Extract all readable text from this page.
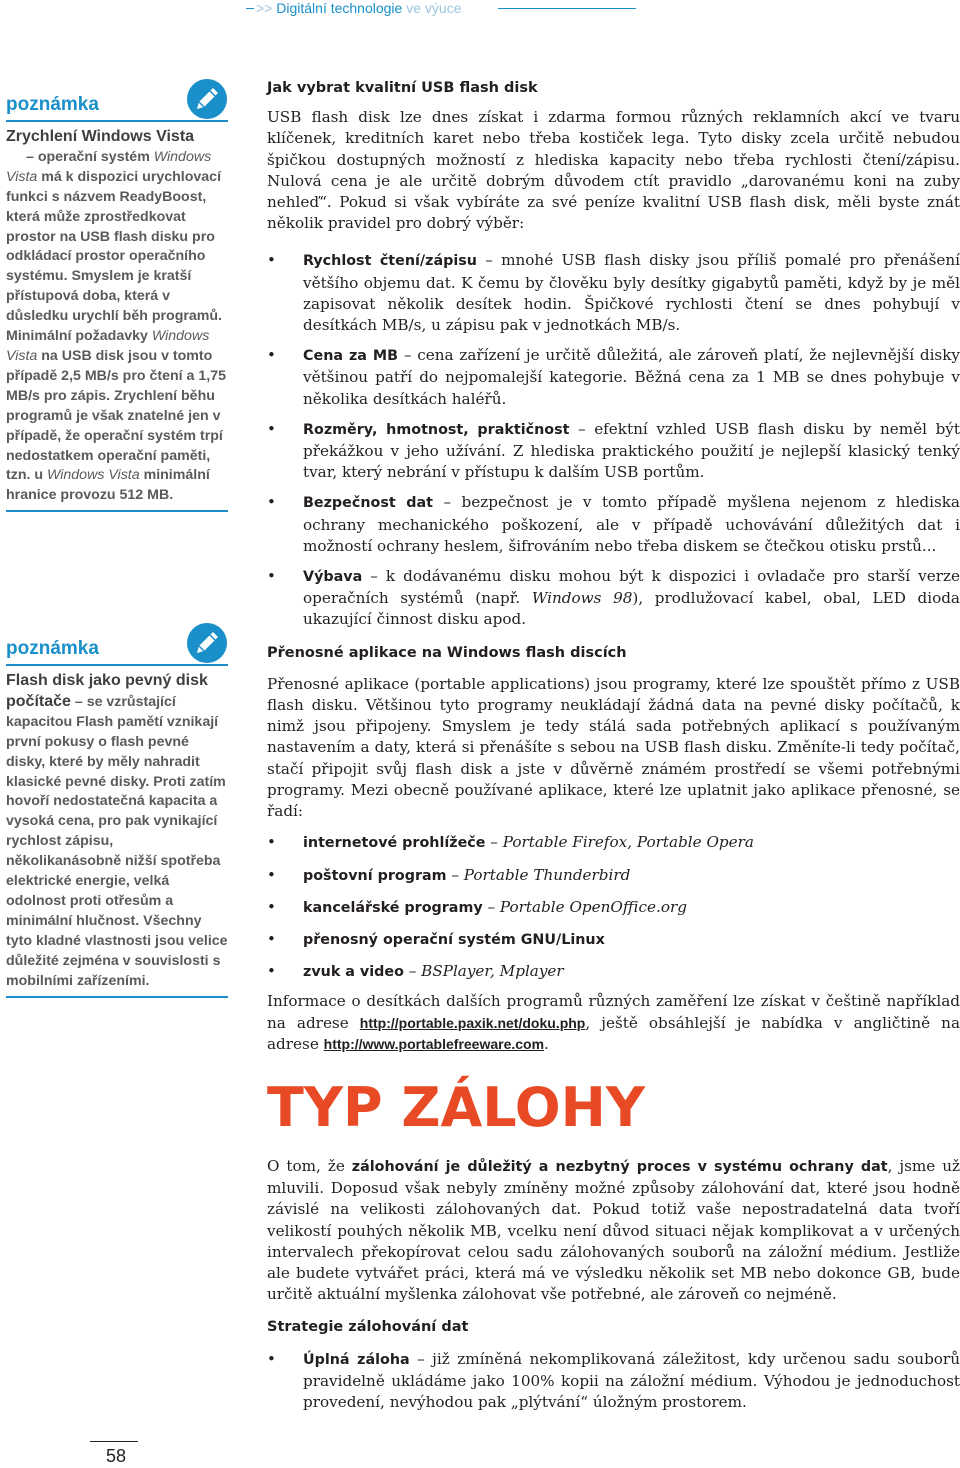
>> Digitální technologie ve výuce
poznámka
Zrychlení Windows Vista
– operační systém Windows Vista má k dispozici urychlovací funkci s názvem ReadyBoost, která může zprostředkovat prostor na USB flash disku pro odkládací prostor operačního systému. Smyslem je kratší přístupová doba, která v důsledku urychlí běh programů. Minimální požadavky Windows Vista na USB disk jsou v tomto případě 2,5 MB/s pro čtení a 1,75 MB/s pro zápis. Zrychlení běhu programů je však znatelné jen v případě, že operační systém trpí nedostatkem operační paměti, tzn. u Windows Vista minimální hranice provozu 512 MB.
poznámka
Flash disk jako pevný disk počítače – se vzrůstající kapacitou Flash pamětí vznikají první pokusy o flash pevné disky, které by měly nahradit klasické pevné disky. Proti zatím hovoří nedostatečná kapacita a vysoká cena, pro pak vynikající rychlost zápisu, několikanásobně nižší spotřeba elektrické energie, velká odolnost proti otřesům a minimální hlučnost. Všechny tyto kladné vlastnosti jsou velice důležité zejména v souvislosti s mobilními zařízeními.
Jak vybrat kvalitní USB flash disk

USB flash disk lze dnes získat i zdarma formou různých reklamních akcí ve tvaru klíčenek, kreditních karet nebo třeba kostiček lega. Tyto disky zcela určitě nebudou špičkou dostupných možností z hlediska kapacity nebo třeba rychlosti čtení/zápisu. Nulová cena je ale určitě dobrým důvodem ctít pravidlo „darovanému koni na zuby nehleď“. Pokud si však vybíráte za své peníze kvalitní USB flash disk, měli byste znát několik pravidel pro dobrý výběr:

• Rychlost čtení/zápisu – mnohé USB flash disky jsou příliš pomalé pro přenášení většího objemu dat. K čemu by člověku byly desítky gigabytů paměti, když by je měl zapisovat několik desítek hodin. Špičkové rychlosti čtení se dnes pohybují v desítkách MB/s, u zápisu pak v jednotkách MB/s.
• Cena za MB – cena zařízení je určitě důležitá, ale zároveň platí, že nejlevnější disky většinou patří do nejpomalejší kategorie. Běžná cena za 1 MB se dnes pohybuje v několika desítkách haléřů.
• Rozměry, hmotnost, praktičnost – efektní vzhled USB flash disku by neměl být překážkou v jeho užívání. Z hlediska praktického použití je nejlepší klasický tenký tvar, který nebrání v přístupu k dalším USB portům.
• Bezpečnost dat – bezpečnost je v tomto případě myšlena nejenom z hlediska ochrany mechanického poškození, ale v případě uchovávání důležitých dat i možností ochrany heslem, šifrováním nebo třeba diskem se čtečkou otisku prstů...
• Výbava – k dodávanému disku mohou být k dispozici i ovladače pro starší verze operačních systémů (např. Windows 98), prodlužovací kabel, obal, LED dioda ukazující činnost disku apod.
Přenosné aplikace na Windows flash discích

Přenosné aplikace (portable applications) jsou programy, které lze spouštět přímo z USB flash disku. Většinou tyto programy neukládají žádná data na pevné disky počítačů, k nimž jsou připojeny. Smyslem je tedy stálá sada potřebných aplikací s používaným nastavením a daty, která si přenášíte s sebou na USB flash disku. Změníte-li tedy počítač, stačí připojit svůj flash disk a jste v důvěrně známém prostředí se všemi potřebnými programy. Mezi obecně používané aplikace, které lze uplatnit jako aplikace přenosné, se řadí:

• internetové prohlížeče – Portable Firefox, Portable Opera
• poštovní program – Portable Thunderbird
• kancelářské programy – Portable OpenOffice.org
• přenosný operační systém GNU/Linux
• zvuk a video – BSPlayer, Mplayer

Informace o desítkách dalších programů různých zaměření lze získat v češtině například na adrese http://portable.paxik.net/doku.php, ještě obsáhlejší je nabídka v angličtině na adrese http://www.portablefreeware.com.

TYP ZÁLOHY

O tom, že zálohování je důležitý a nezbytný proces v systému ochrany dat, jsme už mluvili. Doposud však nebyly zmíněny možné způsoby zálohování dat, které jsou hodně závislé na velikosti zálohovaných dat. Pokud totiž vaše nepostradatelná data tvoří velikostí pouhých několik MB, vcelku není důvod situaci nějak komplikovat a v určených intervalech překopírovat celou sadu zálohovaných souborů na záložní médium. Jestliže ale budete vytvářet práci, která má ve výsledku několik set MB nebo dokonce GB, bude určitě aktuální myšlenka zálohovat vše potřebné, ale zároveň co nejméně.

Strategie zálohování dat
• Úplná záloha – již zmíněná nekomplikovaná záležitost, kdy určenou sadu souborů pravidelně ukládáme jako 100% kopii na záložní médium. Výhodou je jednoduchost provedení, nevýhodou pak „plýtvání“ úložným prostorem.
58
